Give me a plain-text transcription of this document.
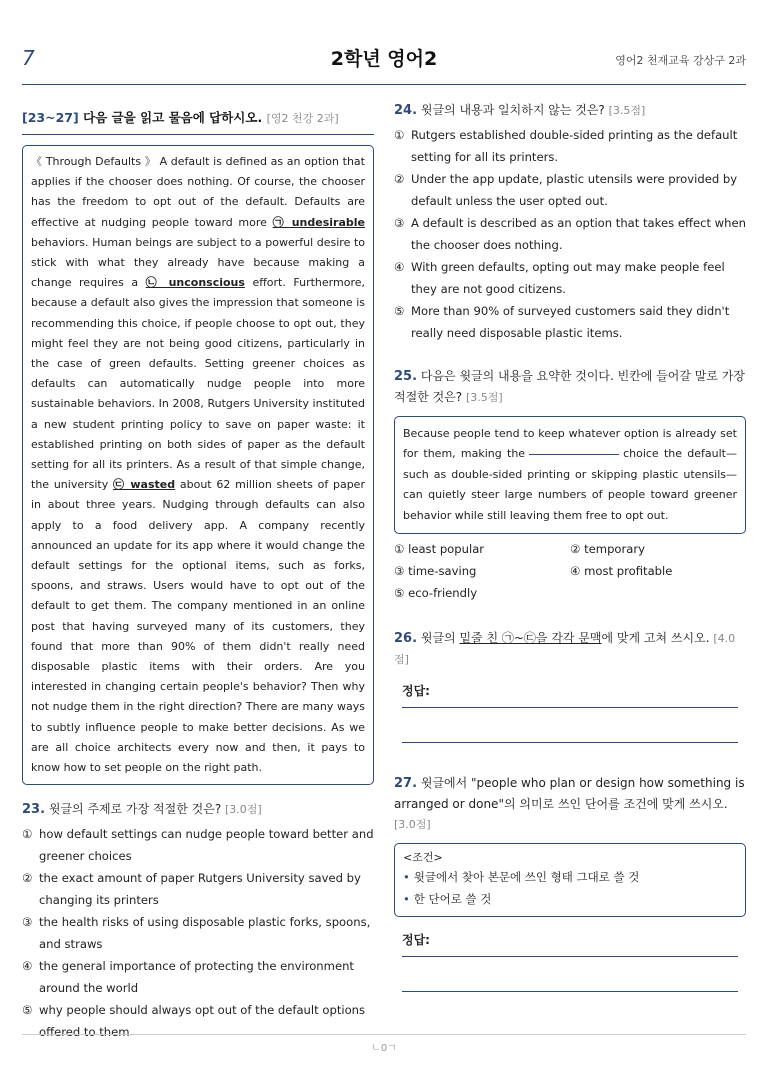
7	2학년 영어2	영어2 천재교육 강상구 2과
[23~27] 다음 글을 읽고 물음에 답하시오. [영2 천강 2과]
《 Through Defaults 》 A default is defined as an option that applies if the chooser does nothing. Of course, the chooser has the freedom to opt out of the default. Defaults are effective at nudging people toward more ㉠ undesirable behaviors. Human beings are subject to a powerful desire to stick with what they already have because making a change requires a ㉡ unconscious effort. Furthermore, because a default also gives the impression that someone is recommending this choice, if people choose to opt out, they might feel they are not being good citizens, particularly in the case of green defaults. Setting greener choices as defaults can automatically nudge people into more sustainable behaviors. In 2008, Rutgers University instituted a new student printing policy to save on paper waste: it established printing on both sides of paper as the default setting for all its printers. As a result of that simple change, the university ㉢ wasted about 62 million sheets of paper in about three years. Nudging through defaults can also apply to a food delivery app. A company recently announced an update for its app where it would change the default settings for the optional items, such as forks, spoons, and straws. Users would have to opt out of the default to get them. The company mentioned in an online post that having surveyed many of its customers, they found that more than 90% of them didn't really need disposable plastic items with their orders. Are you interested in changing certain people's behavior? Then why not nudge them in the right direction? There are many ways to subtly influence people to make better decisions. As we are all choice architects every now and then, it pays to know how to set people on the right path.
23. 윗글의 주제로 가장 적절한 것은? [3.0점]
① how default settings can nudge people toward better and greener choices
② the exact amount of paper Rutgers University saved by changing its printers
③ the health risks of using disposable plastic forks, spoons, and straws
④ the general importance of protecting the environment around the world
⑤ why people should always opt out of the default options offered to them
24. 윗글의 내용과 일치하지 않는 것은? [3.5점]
① Rutgers established double-sided printing as the default setting for all its printers.
② Under the app update, plastic utensils were provided by default unless the user opted out.
③ A default is described as an option that takes effect when the chooser does nothing.
④ With green defaults, opting out may make people feel they are not good citizens.
⑤ More than 90% of surveyed customers said they didn't really need disposable plastic items.
25. 다음은 윗글의 내용을 요약한 것이다. 빈칸에 들어갈 말로 가장 적절한 것은? [3.5점]
Because people tend to keep whatever option is already set for them, making the	choice the default—such as double-sided printing or skipping plastic utensils—can quietly steer large numbers of people toward greener behavior while still leaving them free to opt out.
① least popular	② temporary
③ time-saving	④ most profitable
⑤ eco-friendly
26. 윗글의 밑줄 친 ㉠~㉢을 각각 문맥에 맞게 고쳐 쓰시오. [4.0점]
정답:
27. 윗글에서 "people who plan or design how something is arranged or done"의 의미로 쓰인 단어를 조건에 맞게 쓰시오. [3.0점]
<조건>
• 윗글에서 찾아 본문에 쓰인 형태 그대로 쓸 것
• 한 단어로 쓸 것
정답:
ㄴ0ㄱ
